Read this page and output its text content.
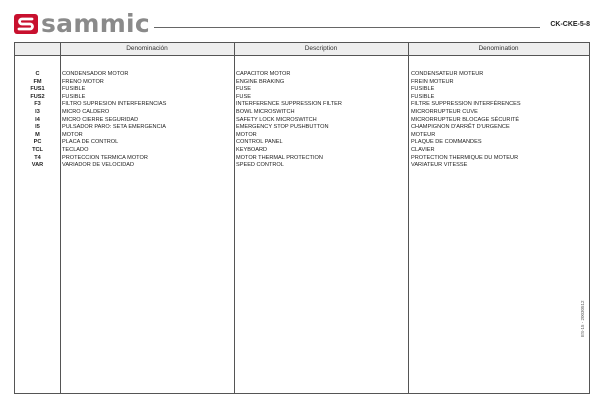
sammic	CK-CKE-5-8
Denominación	Description	Denomination
C	CONDENSADOR MOTOR	CAPACITOR MOTOR	CONDENSATEUR MOTEUR
FM	FRENO MOTOR	ENGINE BRAKING	FREIN MOTEUR
FUS1	FUSIBLE	FUSE	FUSIBLE
FUS2	FUSIBLE	FUSE	FUSIBLE
F3	FILTRO SUPRESION INTERFERENCIAS	INTERFERENCE SUPPRESSION FILTER	FILTRE SUPPRESSION INTERFÉRENCES
I3	MICRO CALDERO	BOWL MICROSWITCH	MICRORRUPTEUR CUVE
I4	MICRO CIERRE SEGURIDAD	SAFETY LOCK MICROSWITCH	MICRORRUPTEUR BLOCAGE SÉCURITÉ
I5	PULSADOR PARO: SETA EMERGENCIA	EMERGENCY STOP PUSHBUTTON	CHAMPIGNON D'ARRÊT D'URGENCE
M	MOTOR	MOTOR	MOTEUR
PC	PLACA DE CONTROL	CONTROL PANEL	PLAQUE DE COMMANDES
TCL	TECLADO	KEYBOARD	CLAVIER
T4	PROTECCION TERMICA MOTOR	MOTOR THERMAL PROTECTION	PROTECTION THERMIQUE DU MOTEUR
VAR	VARIADOR DE VELOCIDAD	SPEED CONTROL	VARIATEUR VITESSE
ES-15 - 20030512
